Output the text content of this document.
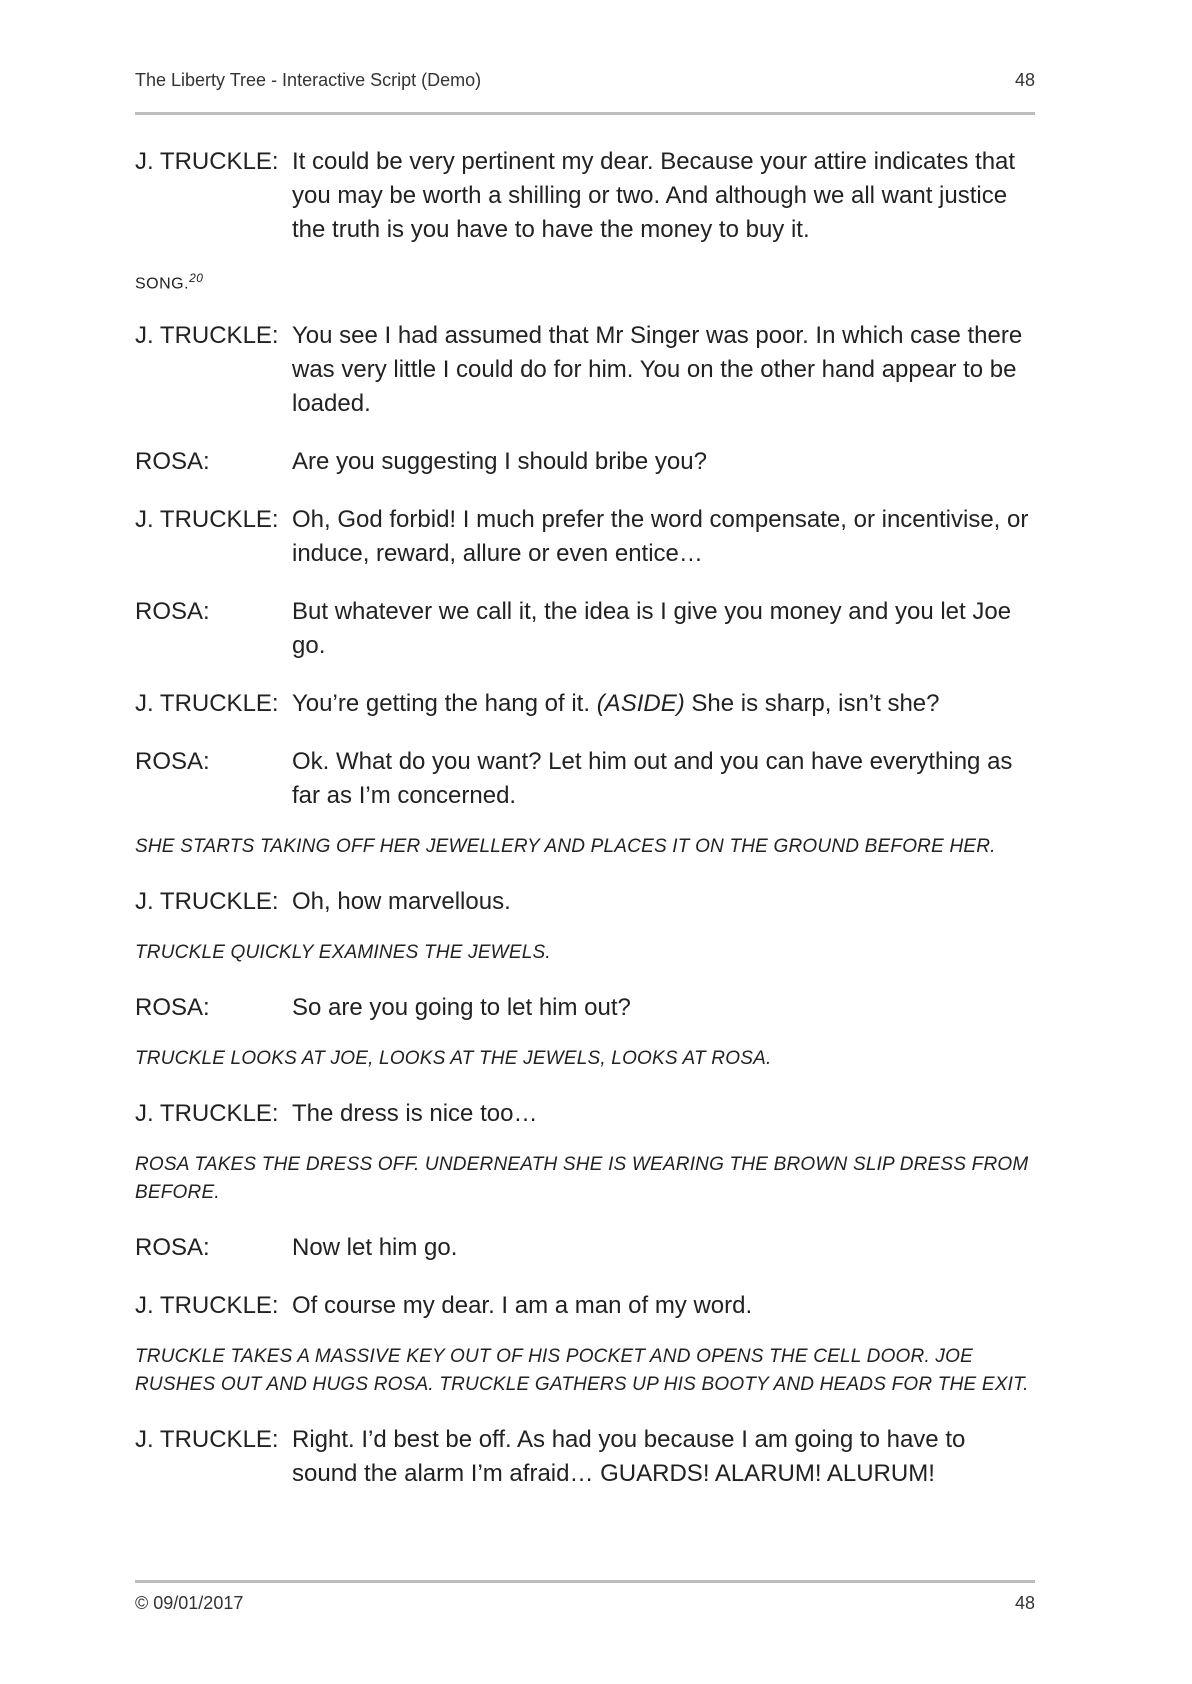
The Liberty Tree - Interactive Script (Demo)	48
J. TRUCKLE: It could be very pertinent my dear. Because your attire indicates that you may be worth a shilling or two. And although we all want justice the truth is you have to have the money to buy it.
SONG.$^{20}$
J. TRUCKLE: You see I had assumed that Mr Singer was poor. In which case there was very little I could do for him. You on the other hand appear to be loaded.
ROSA:	Are you suggesting I should bribe you?
J. TRUCKLE: Oh, God forbid! I much prefer the word compensate, or incentivise, or induce, reward, allure or even entice…
ROSA:	But whatever we call it, the idea is I give you money and you let Joe go.
J. TRUCKLE: You’re getting the hang of it. (ASIDE) She is sharp, isn’t she?
ROSA:	Ok. What do you want? Let him out and you can have everything as far as I’m concerned.
SHE STARTS TAKING OFF HER JEWELLERY AND PLACES IT ON THE GROUND BEFORE HER.
J. TRUCKLE: Oh, how marvellous.
TRUCKLE QUICKLY EXAMINES THE JEWELS.
ROSA:	So are you going to let him out?
TRUCKLE LOOKS AT JOE, LOOKS AT THE JEWELS, LOOKS AT ROSA.
J. TRUCKLE: The dress is nice too…
ROSA TAKES THE DRESS OFF. UNDERNEATH SHE IS WEARING THE BROWN SLIP DRESS FROM BEFORE.
ROSA:	Now let him go.
J. TRUCKLE: Of course my dear. I am a man of my word.
TRUCKLE TAKES A MASSIVE KEY OUT OF HIS POCKET AND OPENS THE CELL DOOR. JOE RUSHES OUT AND HUGS ROSA. TRUCKLE GATHERS UP HIS BOOTY AND HEADS FOR THE EXIT.
J. TRUCKLE: Right. I’d best be off. As had you because I am going to have to sound the alarm I’m afraid… GUARDS! ALARUM! ALURUM!
© 09/01/2017	48
